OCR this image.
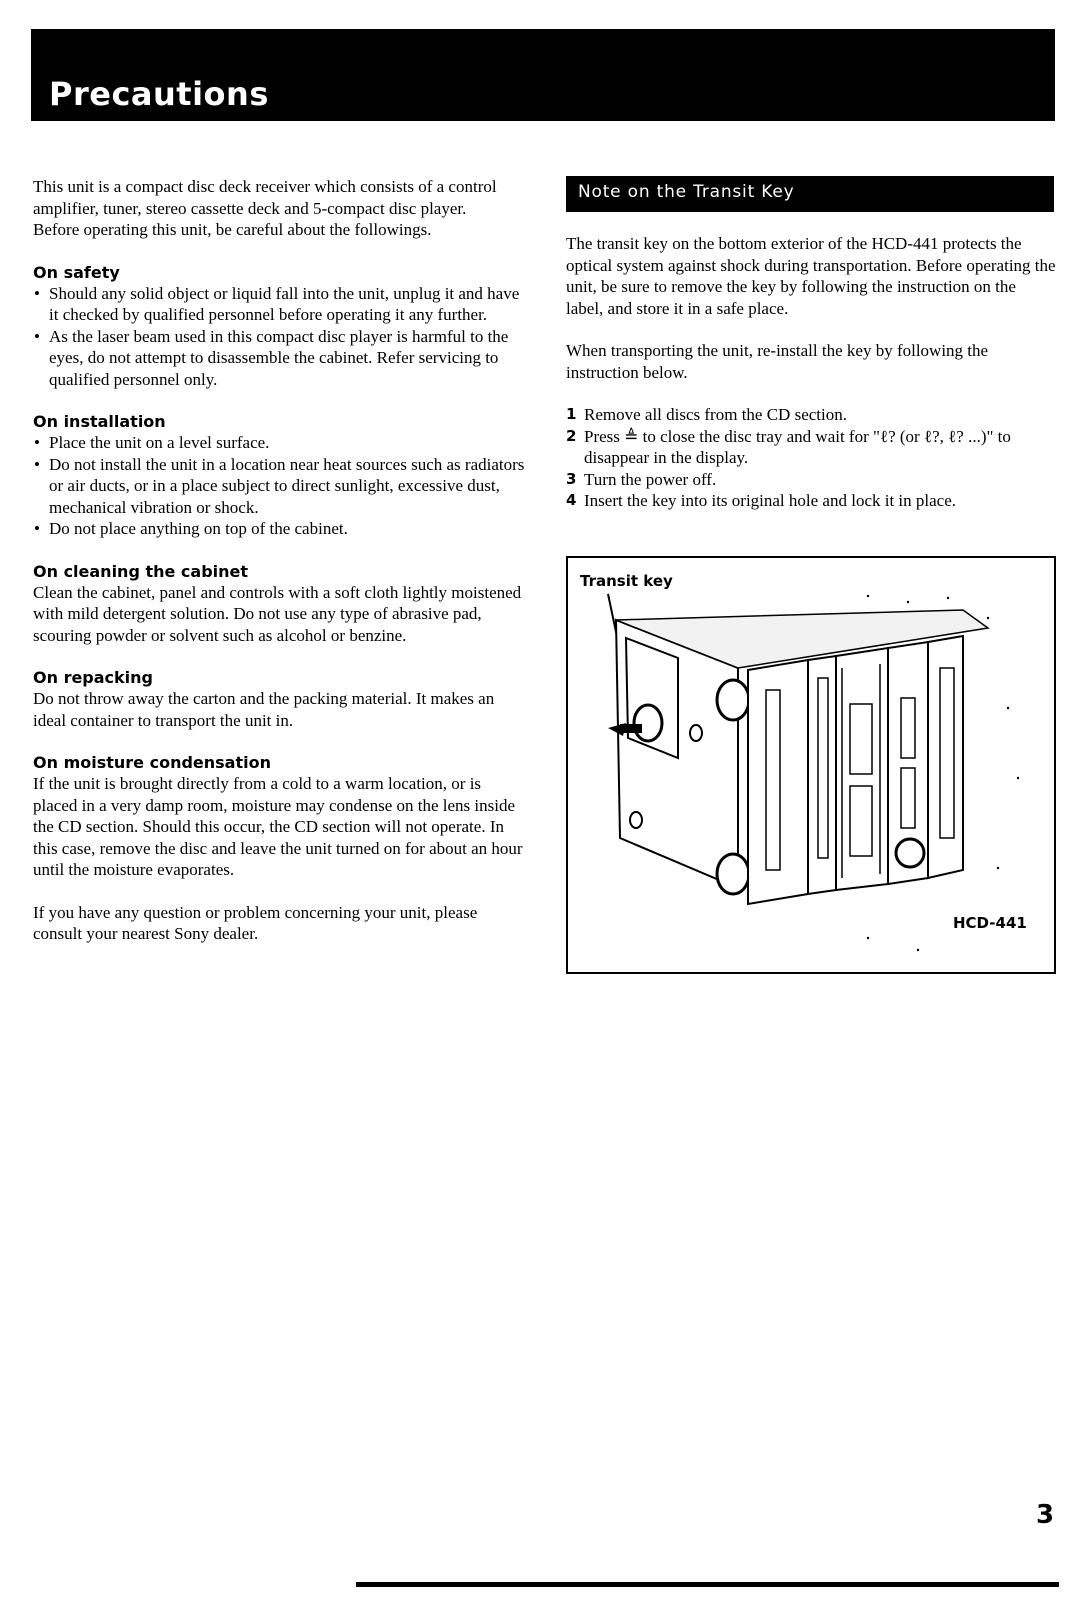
Precautions

This unit is a compact disc deck receiver which consists of a control amplifier, tuner, stereo cassette deck and 5-compact disc player.

Before operating this unit, be careful about the followings.

On safety

• Should any solid object or liquid fall into the unit, unplug it and have it checked by qualified personnel before operating it any further.
• As the laser beam used in this compact disc player is harmful to the eyes, do not attempt to disassemble the cabinet. Refer servicing to qualified personnel only.

On installation

• Place the unit on a level surface.
• Do not install the unit in a location near heat sources such as radiators or air ducts, or in a place subject to direct sunlight, excessive dust, mechanical vibration or shock.
• Do not place anything on top of the cabinet.

On cleaning the cabinet

Clean the cabinet, panel and controls with a soft cloth lightly moistened with mild detergent solution. Do not use any type of abrasive pad, scouring powder or solvent such as alcohol or benzine.

On repacking

Do not throw away the carton and the packing material. It makes an ideal container to transport the unit in.

On moisture condensation

If the unit is brought directly from a cold to a warm location, or is placed in a very damp room, moisture may condense on the lens inside the CD section. Should this occur, the CD section will not operate. In this case, remove the disc and leave the unit turned on for about an hour until the moisture evaporates.

If you have any question or problem concerning your unit, please consult your nearest Sony dealer.

Note on the Transit Key

The transit key on the bottom exterior of the HCD-441 protects the optical system against shock during transportation. Before operating the unit, be sure to remove the key by following the instruction on the label, and store it in a safe place.

When transporting the unit, re-install the key by following the instruction below.

1 Remove all discs from the CD section.
2 Press ≜ to close the disc tray and wait for "ℓ? (or ℓ?, ℓ? ...)" to disappear in the display.
3 Turn the power off.
4 Insert the key into its original hole and lock it in place.
Transit key
HCD-441
3
